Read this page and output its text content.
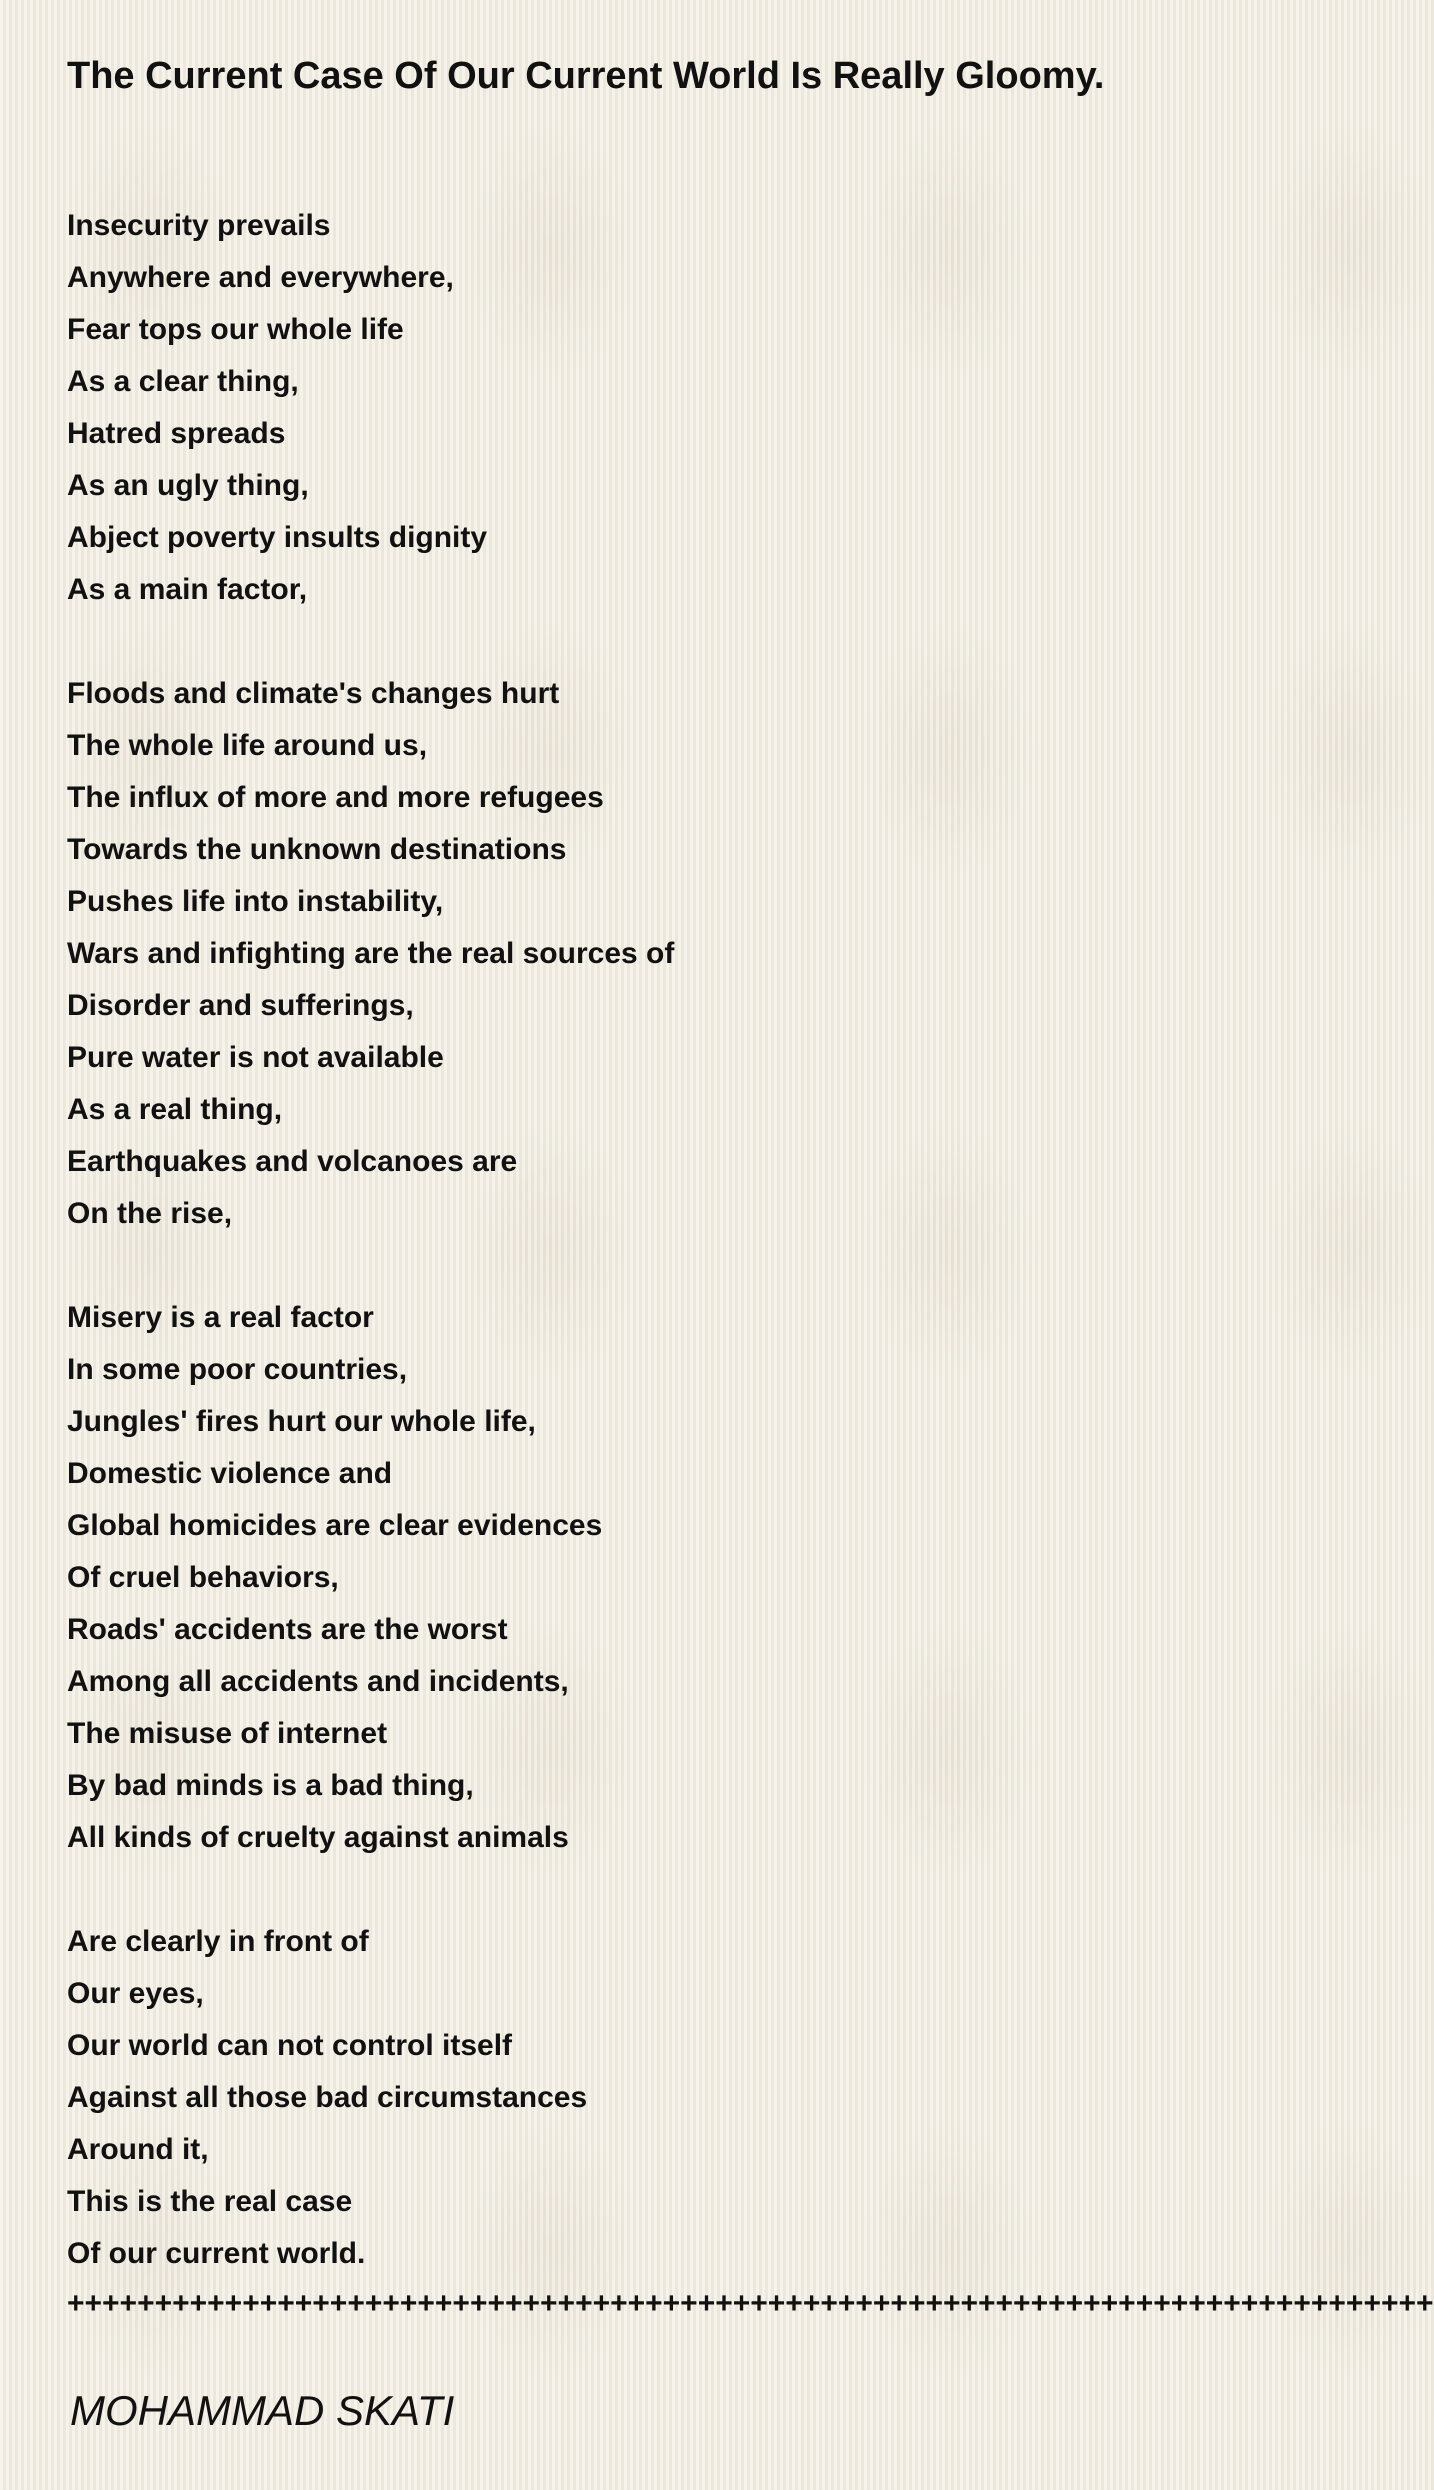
The Current Case Of Our Current World Is Really Gloomy.
Insecurity prevails
Anywhere and everywhere,
Fear tops our whole life
As a clear thing,
Hatred spreads
As an ugly thing,
Abject poverty insults dignity
As a main factor,
Floods and climate's changes hurt
The whole life around us,
The influx of more and more refugees
Towards the unknown destinations
Pushes life into instability,
Wars and infighting are the real sources of
Disorder and sufferings,
Pure water is not available
As a real thing,
Earthquakes and volcanoes are
On the rise,
Misery is a real factor
In some poor countries,
Jungles' fires hurt our whole life,
Domestic violence and
Global homicides are clear evidences
Of cruel behaviors,
Roads' accidents are the worst
Among all accidents and incidents,
The misuse of internet
By bad minds is a bad thing,
All kinds of cruelty against animals
Are clearly in front of
Our eyes,
Our world can not control itself
Against all those bad circumstances
Around it,
This is the real case
Of our current world.
++++++++++++++++++++++++++++++++++++++++++++++++++++++++++++++++++++++++++++++
MOHAMMAD SKATI
